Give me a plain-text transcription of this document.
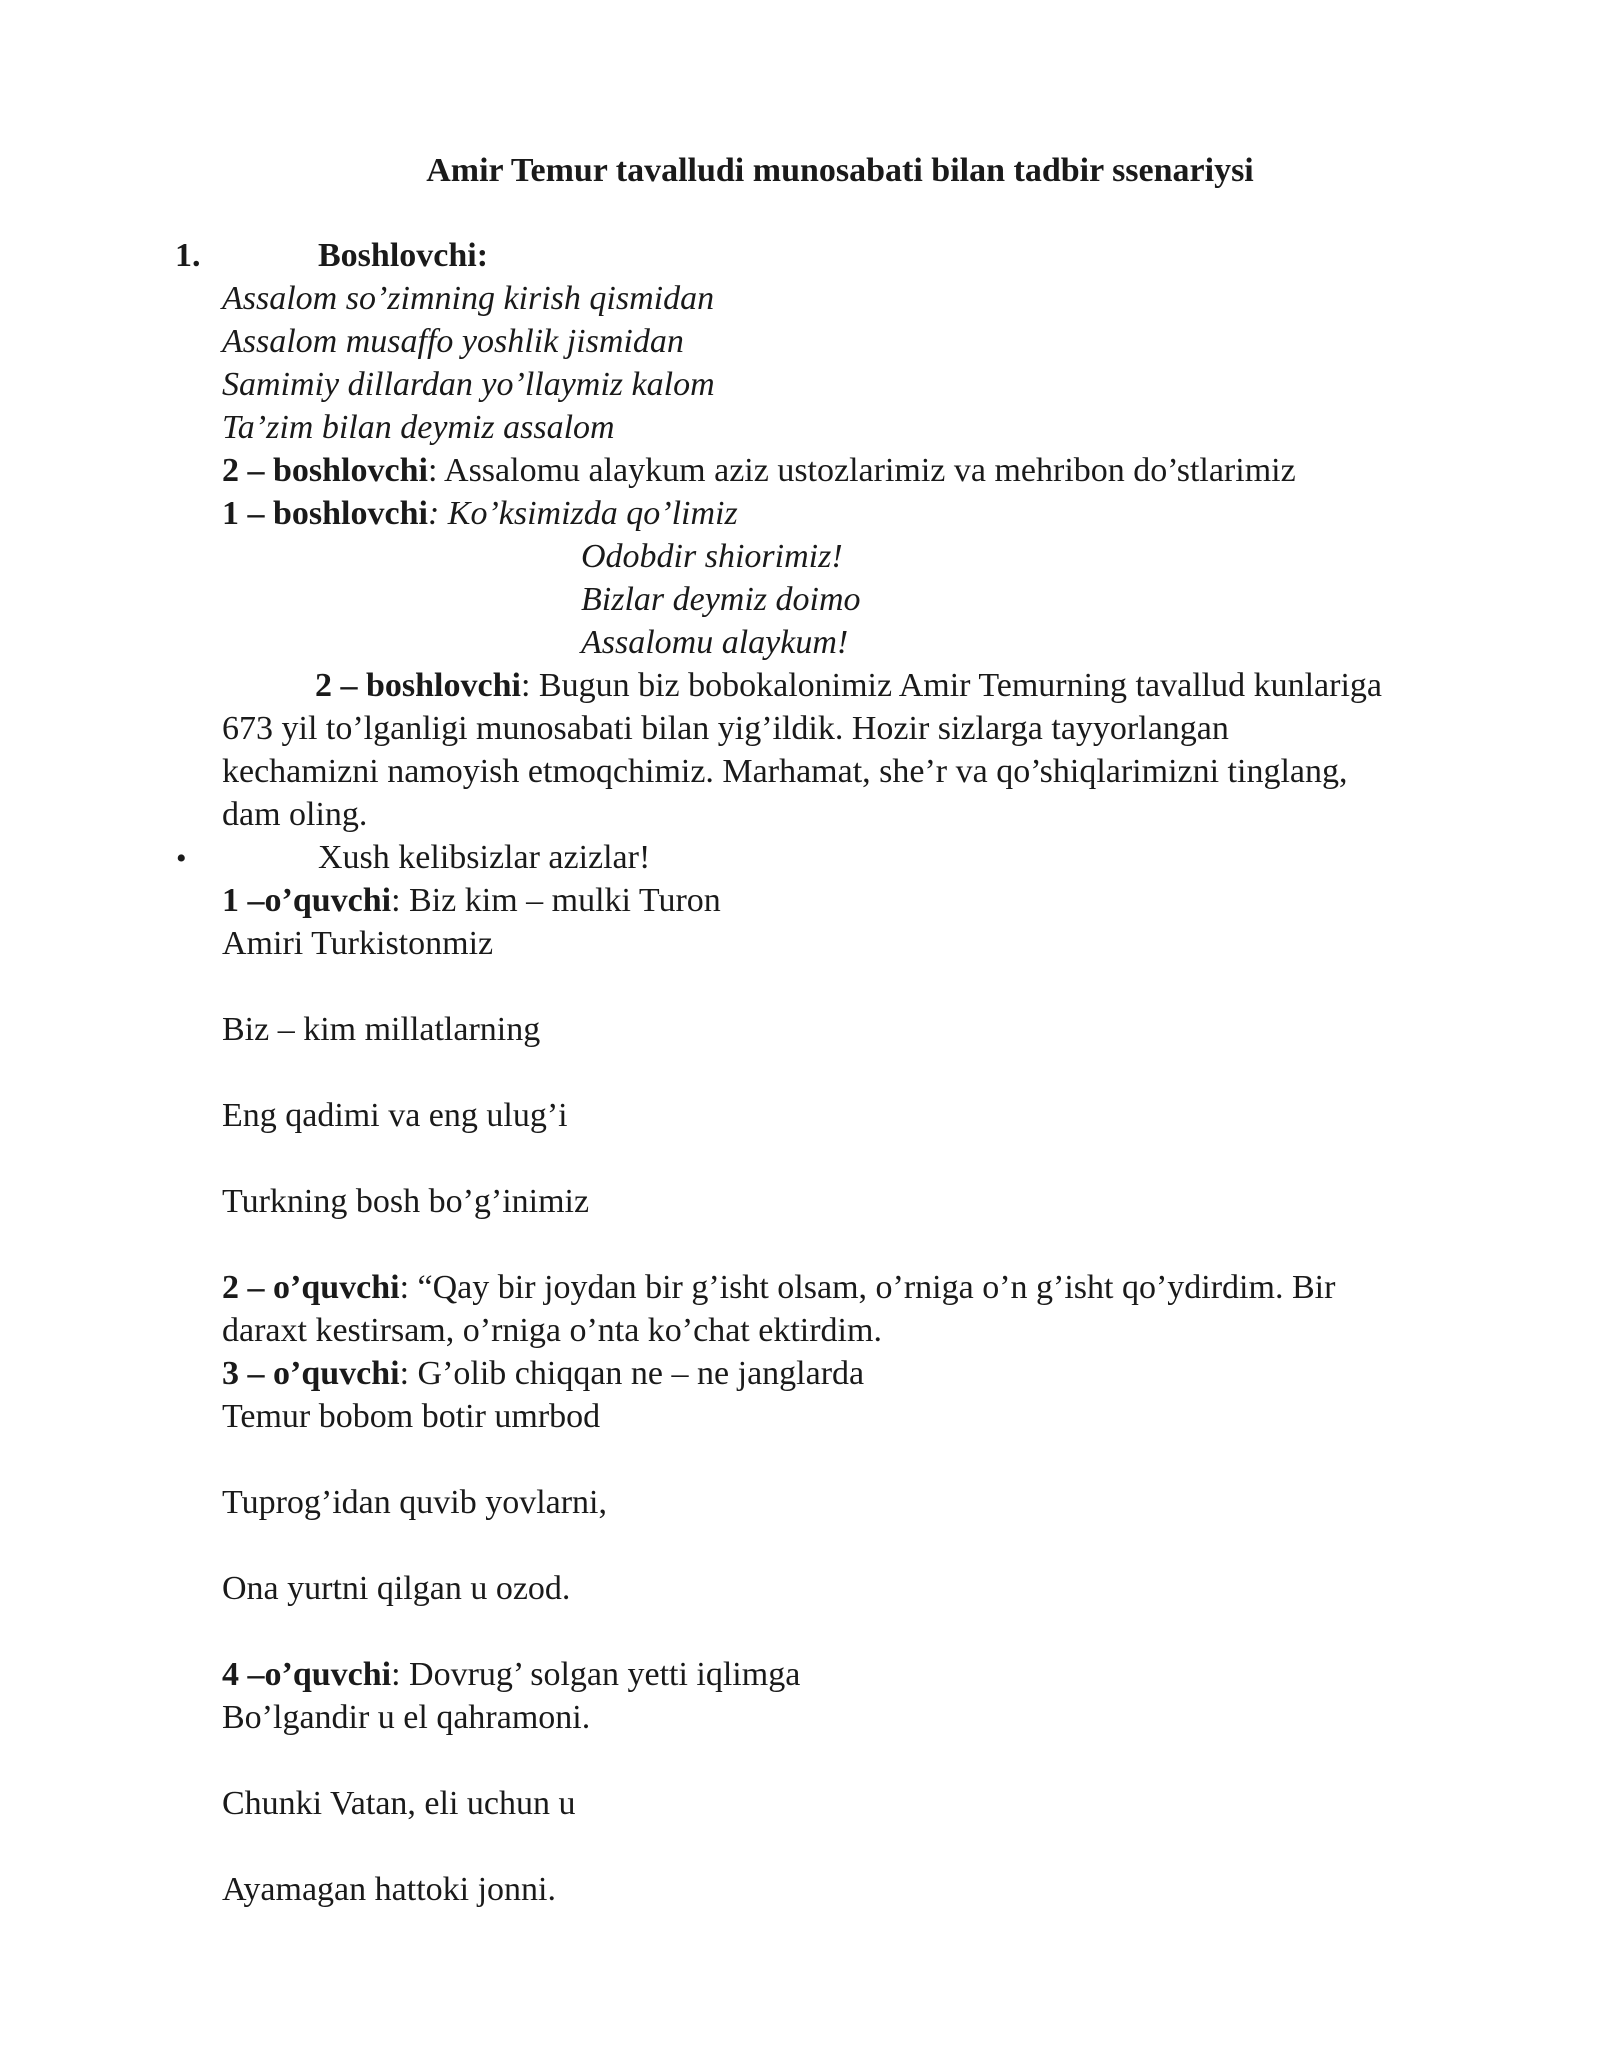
Amir Temur tavalludi munosabati bilan tadbir ssenariysi
1.	Boshlovchi:
Assalom so’zimning kirish qismidan
Assalom musaffo yoshlik jismidan
Samimiy dillardan yo’llaymiz kalom
Ta’zim bilan deymiz assalom
2 – boshlovchi: Assalomu alaykum aziz ustozlarimiz va mehribon do’stlarimiz
1 – boshlovchi: Ko’ksimizda qo’limiz
Odobdir shiorimiz!
Bizlar deymiz doimo
Assalomu alaykum!
2 – boshlovchi: Bugun biz bobokalonimiz Amir Temurning tavallud kunlariga
673 yil to’lganligi munosabati bilan yig’ildik. Hozir sizlarga tayyorlangan
kechamizni namoyish etmoqchimiz. Marhamat, she’r va qo’shiqlarimizni tinglang,
dam oling.
•	Xush kelibsizlar azizlar!
1 –o’quvchi: Biz kim – mulki Turon
Amiri Turkistonmiz
Biz – kim millatlarning
Eng qadimi va eng ulug’i
Turkning bosh bo’g’inimiz
2 – o’quvchi: “Qay bir joydan bir g’isht olsam, o’rniga o’n g’isht qo’ydirdim. Bir
daraxt kestirsam, o’rniga o’nta ko’chat ektirdim.
3 – o’quvchi: G’olib chiqqan ne – ne janglarda
Temur bobom botir umrbod
Tuprog’idan quvib yovlarni,
Ona yurtni qilgan u ozod.
4 –o’quvchi: Dovrug’ solgan yetti iqlimga
Bo’lgandir u el qahramoni.
Chunki Vatan, eli uchun u
Ayamagan hattoki jonni.
